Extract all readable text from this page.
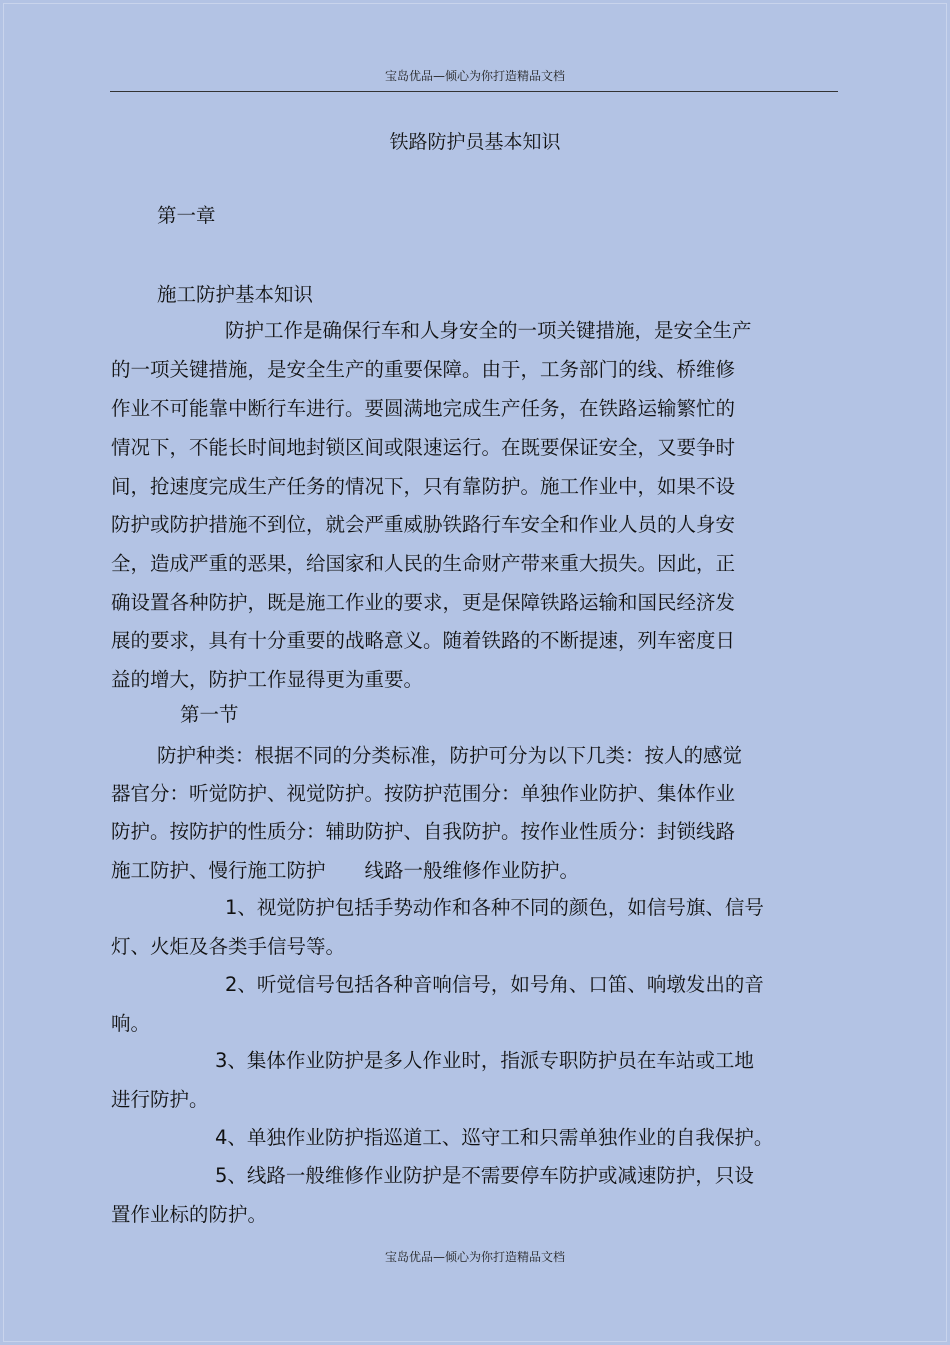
宝岛优品—倾心为你打造精品文档
铁路防护员基本知识
第一章
施工防护基本知识
防护工作是确保行车和人身安全的一项关键措施，是安全生产
的一项关键措施，是安全生产的重要保障。由于，工务部门的线、桥维修
作业不可能靠中断行车进行。要圆满地完成生产任务，在铁路运输繁忙的
情况下，不能长时间地封锁区间或限速运行。在既要保证安全，又要争时
间，抢速度完成生产任务的情况下，只有靠防护。施工作业中，如果不设
防护或防护措施不到位，就会严重威胁铁路行车安全和作业人员的人身安
全，造成严重的恶果，给国家和人民的生命财产带来重大损失。因此，正
确设置各种防护，既是施工作业的要求，更是保障铁路运输和国民经济发
展的要求，具有十分重要的战略意义。随着铁路的不断提速，列车密度日
益的增大，防护工作显得更为重要。
第一节
防护种类：根据不同的分类标准，防护可分为以下几类：按人的感觉
器官分：听觉防护、视觉防护。按防护范围分：单独作业防护、集体作业
防护。按防护的性质分：辅助防护、自我防护。按作业性质分：封锁线路
施工防护、慢行施工防护　　线路一般维修作业防护。
1、视觉防护包括手势动作和各种不同的颜色，如信号旗、信号
灯、火炬及各类手信号等。
2、听觉信号包括各种音响信号，如号角、口笛、响墩发出的音
响。
3、集体作业防护是多人作业时，指派专职防护员在车站或工地
进行防护。
4、单独作业防护指巡道工、巡守工和只需单独作业的自我保护。
5、线路一般维修作业防护是不需要停车防护或减速防护，只设
置作业标的防护。
宝岛优品—倾心为你打造精品文档
